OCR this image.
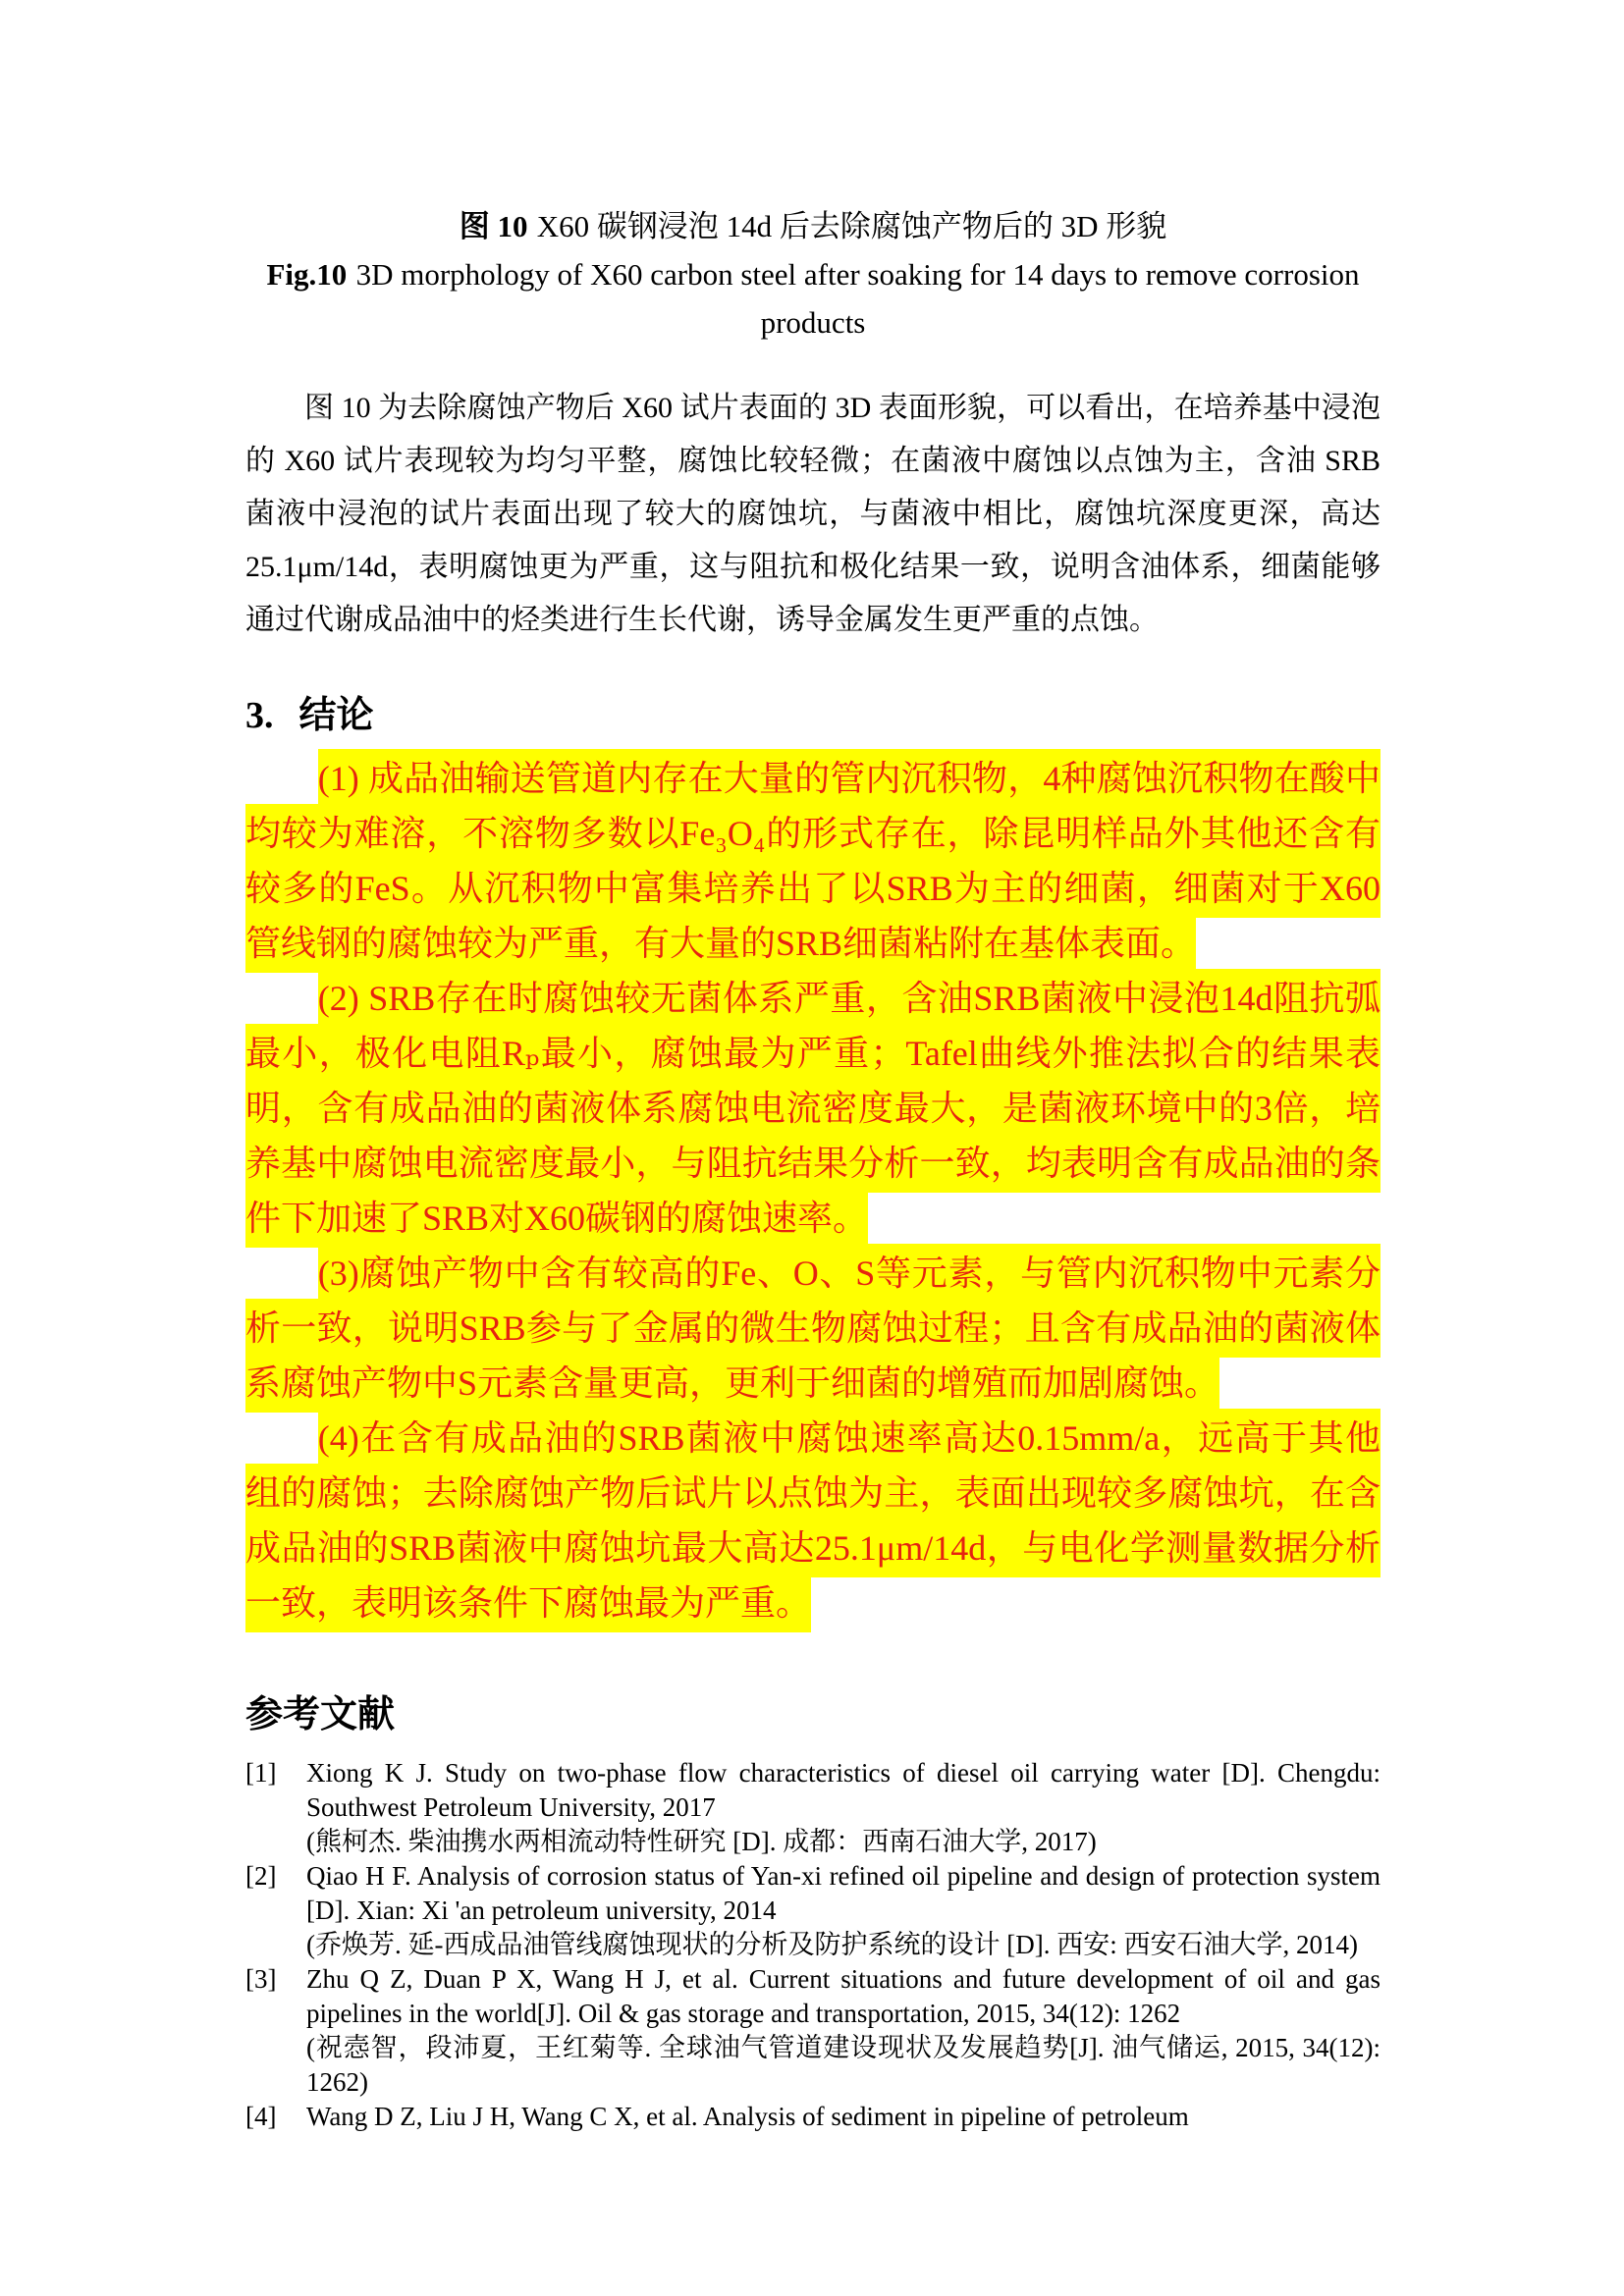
图 10 X60 碳钢浸泡 14d 后去除腐蚀产物后的 3D 形貌
Fig.10 3D morphology of X60 carbon steel after soaking for 14 days to remove corrosion products

图 10 为去除腐蚀产物后 X60 试片表面的 3D 表面形貌，可以看出，在培养基中浸泡的 X60 试片表现较为均匀平整，腐蚀比较轻微；在菌液中腐蚀以点蚀为主，含油 SRB 菌液中浸泡的试片表面出现了较大的腐蚀坑，与菌液中相比，腐蚀坑深度更深，高达 25.1μm/14d，表明腐蚀更为严重，这与阻抗和极化结果一致，说明含油体系，细菌能够通过代谢成品油中的烃类进行生长代谢，诱导金属发生更严重的点蚀。

3. 结论

(1) 成品油输送管道内存在大量的管内沉积物，4种腐蚀沉积物在酸中均较为难溶，不溶物多数以Fe₃O₄的形式存在，除昆明样品外其他还含有较多的FeS。从沉积物中富集培养出了以SRB为主的细菌，细菌对于X60管线钢的腐蚀较为严重，有大量的SRB细菌粘附在基体表面。

(2) SRB存在时腐蚀较无菌体系严重，含油SRB菌液中浸泡14d阻抗弧最小，极化电阻Rₚ最小，腐蚀最为严重；Tafel曲线外推法拟合的结果表明，含有成品油的菌液体系腐蚀电流密度最大，是菌液环境中的3倍，培养基中腐蚀电流密度最小，与阻抗结果分析一致，均表明含有成品油的条件下加速了SRB对X60碳钢的腐蚀速率。

(3)腐蚀产物中含有较高的Fe、O、S等元素，与管内沉积物中元素分析一致，说明SRB参与了金属的微生物腐蚀过程；且含有成品油的菌液体系腐蚀产物中S元素含量更高，更利于细菌的增殖而加剧腐蚀。

(4)在含有成品油的SRB菌液中腐蚀速率高达0.15mm/a，远高于其他组的腐蚀；去除腐蚀产物后试片以点蚀为主，表面出现较多腐蚀坑，在含成品油的SRB菌液中腐蚀坑最大高达25.1μm/14d，与电化学测量数据分析一致，表明该条件下腐蚀最为严重。

参考文献
[1] Xiong K J. Study on two-phase flow characteristics of diesel oil carrying water [D]. Chengdu: Southwest Petroleum University, 2017
(熊柯杰. 柴油携水两相流动特性研究 [D]. 成都：西南石油大学, 2017)
[2] Qiao H F. Analysis of corrosion status of Yan-xi refined oil pipeline and design of protection system [D]. Xian: Xi 'an petroleum university, 2014
(乔焕芳. 延-西成品油管线腐蚀现状的分析及防护系统的设计 [D]. 西安: 西安石油大学, 2014)
[3] Zhu Q Z, Duan P X, Wang H J, et al. Current situations and future development of oil and gas pipelines in the world[J]. Oil & gas storage and transportation, 2015, 34(12): 1262
(祝悫智，段沛夏，王红菊等. 全球油气管道建设现状及发展趋势[J]. 油气储运, 2015, 34(12): 1262)
[4] Wang D Z, Liu J H, Wang C X, et al. Analysis of sediment in pipeline of petroleum
